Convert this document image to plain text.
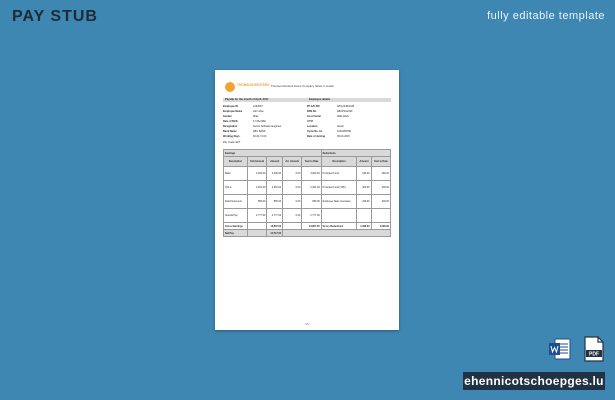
PAY STUB	fully editable template
THOMSON REUTERS Thomson Reuters Home Company Street 1, Austin
Payslip for the month of April, 2017	Employee details
Employee ID	1234567	PF A/C NO	AP/12345/2345
Employee Name	John Doe	PAN No.	ABCPD1234F
Gender	Male	Cost Center	0001-ENG
Date of Birth	17-08-1982	V.T.P.
Designation	Senior Software Engineer	Location	Austin
Bank Name	ABC BANK	Cycle No. Ac.	0123456789
Working Days	30.00 / 0.00	Date of Joining	05-03-2015
Pay mode: EFT
Earnings					Deductions		
Description	Full Amount	Amount	Arr. Amount	Year to Date	Description	Amount	Year to Date
Basic	3,200.00	3,200.00	0.00	3,200.00	Provident Fund	180.00	180.00
H.R.A.	2,451.00	2,451.00	0.00	2,451.00	Provident Fund (VPF)	400.00	400.00
Reimbursement	850.00	850.00	0.00	850.00	Employee State Insurance	200.00	200.00
Special Pay	2,777.00	2,777.00	0.00	2,777.00			
Gross Earnings		13,807.00		13,807.00	Gross Deductions	1,090.00	1,090.00
Net Pay		12,717.00					
1/1
PDF
ehennicotschoepges.lu
